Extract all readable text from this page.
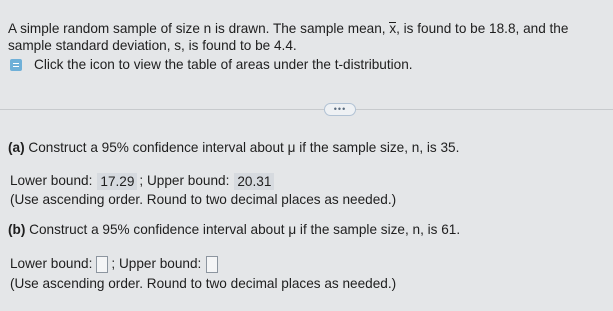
A simple random sample of size n is drawn. The sample mean, x, is found to be 18.8, and the sample standard deviation, s, is found to be 4.4.
Click the icon to view the table of areas under the t-distribution.
•••
(a) Construct a 95% confidence interval about μ if the sample size, n, is 35.
Lower bound: 17.29 ; Upper bound: 20.31
(Use ascending order. Round to two decimal places as needed.)
(b) Construct a 95% confidence interval about μ if the sample size, n, is 61.
Lower bound: ; Upper bound:
(Use ascending order. Round to two decimal places as needed.)
